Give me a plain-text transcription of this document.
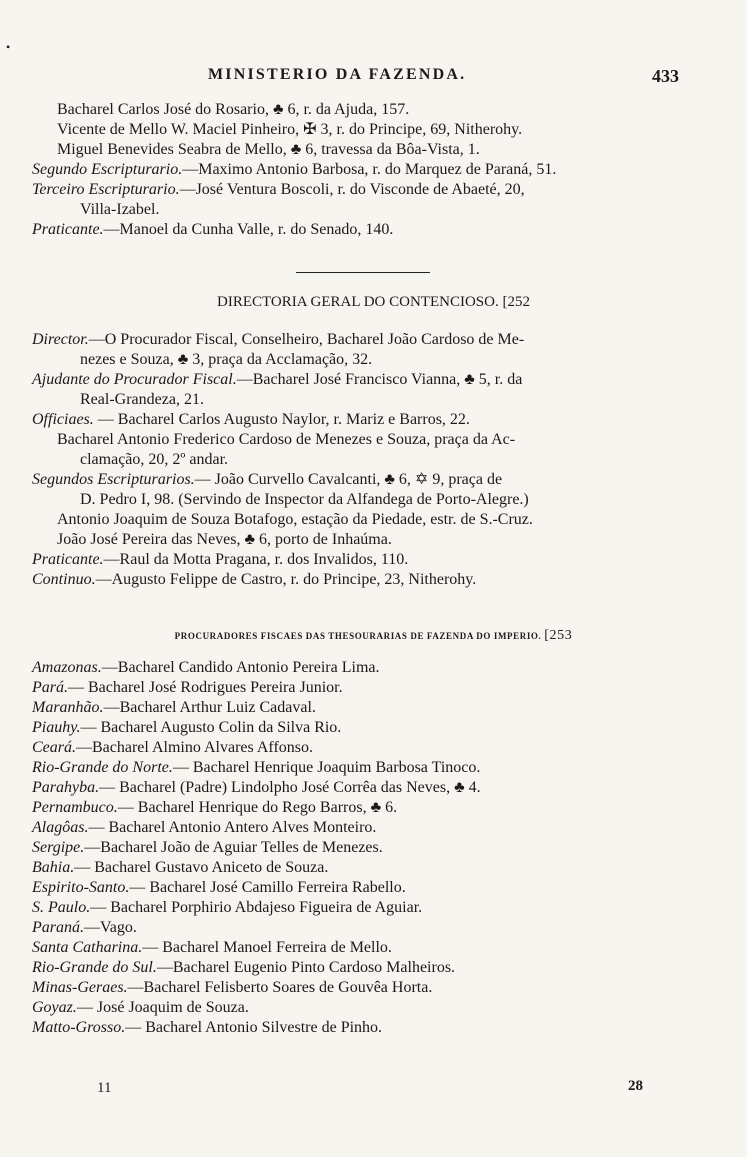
•
MINISTERIO DA FAZENDA.	433
Bacharel Carlos José do Rosario, ♣ 6, r. da Ajuda, 157.
Vicente de Mello W. Maciel Pinheiro, ✠ 3, r. do Principe, 69, Nitherohy.
Miguel Benevides Seabra de Mello, ♣ 6, travessa da Bôa-Vista, 1.
Segundo Escripturario.—Maximo Antonio Barbosa, r. do Marquez de Paraná, 51.
Terceiro Escripturario.—José Ventura Boscoli, r. do Visconde de Abaeté, 20,
Villa-Izabel.
Praticante.—Manoel da Cunha Valle, r. do Senado, 140.
DIRECTORIA GERAL DO CONTENCIOSO. [252
Director.—O Procurador Fiscal, Conselheiro, Bacharel João Cardoso de Me-
nezes e Souza, ♣ 3, praça da Acclamação, 32.
Ajudante do Procurador Fiscal.—Bacharel José Francisco Vianna, ♣ 5, r. da
Real-Grandeza, 21.
Officiaes. — Bacharel Carlos Augusto Naylor, r. Mariz e Barros, 22.
Bacharel Antonio Frederico Cardoso de Menezes e Souza, praça da Ac-
clamação, 20, 2º andar.
Segundos Escripturarios.— João Curvello Cavalcanti, ♣ 6, ✡ 9, praça de
D. Pedro I, 98. (Servindo de Inspector da Alfandega de Porto-Alegre.)
Antonio Joaquim de Souza Botafogo, estação da Piedade, estr. de S.-Cruz.
João José Pereira das Neves, ♣ 6, porto de Inhaúma.
Praticante.—Raul da Motta Pragana, r. dos Invalidos, 110.
Continuo.—Augusto Felippe de Castro, r. do Principe, 23, Nitherohy.
PROCURADORES FISCAES DAS THESOURARIAS DE FAZENDA DO IMPERIO. [253
Amazonas.—Bacharel Candido Antonio Pereira Lima.
Pará.— Bacharel José Rodrigues Pereira Junior.
Maranhão.—Bacharel Arthur Luiz Cadaval.
Piauhy.— Bacharel Augusto Colin da Silva Rio.
Ceará.—Bacharel Almino Alvares Affonso.
Rio-Grande do Norte.— Bacharel Henrique Joaquim Barbosa Tinoco.
Parahyba.— Bacharel (Padre) Lindolpho José Corrêa das Neves, ♣ 4.
Pernambuco.— Bacharel Henrique do Rego Barros, ♣ 6.
Alagôas.— Bacharel Antonio Antero Alves Monteiro.
Sergipe.—Bacharel João de Aguiar Telles de Menezes.
Bahia.— Bacharel Gustavo Aniceto de Souza.
Espirito-Santo.— Bacharel José Camillo Ferreira Rabello.
S. Paulo.— Bacharel Porphirio Abdajeso Figueira de Aguiar.
Paraná.—Vago.
Santa Catharina.— Bacharel Manoel Ferreira de Mello.
Rio-Grande do Sul.—Bacharel Eugenio Pinto Cardoso Malheiros.
Minas-Geraes.—Bacharel Felisberto Soares de Gouvêa Horta.
Goyaz.— José Joaquim de Souza.
Matto-Grosso.— Bacharel Antonio Silvestre de Pinho.
11	28
